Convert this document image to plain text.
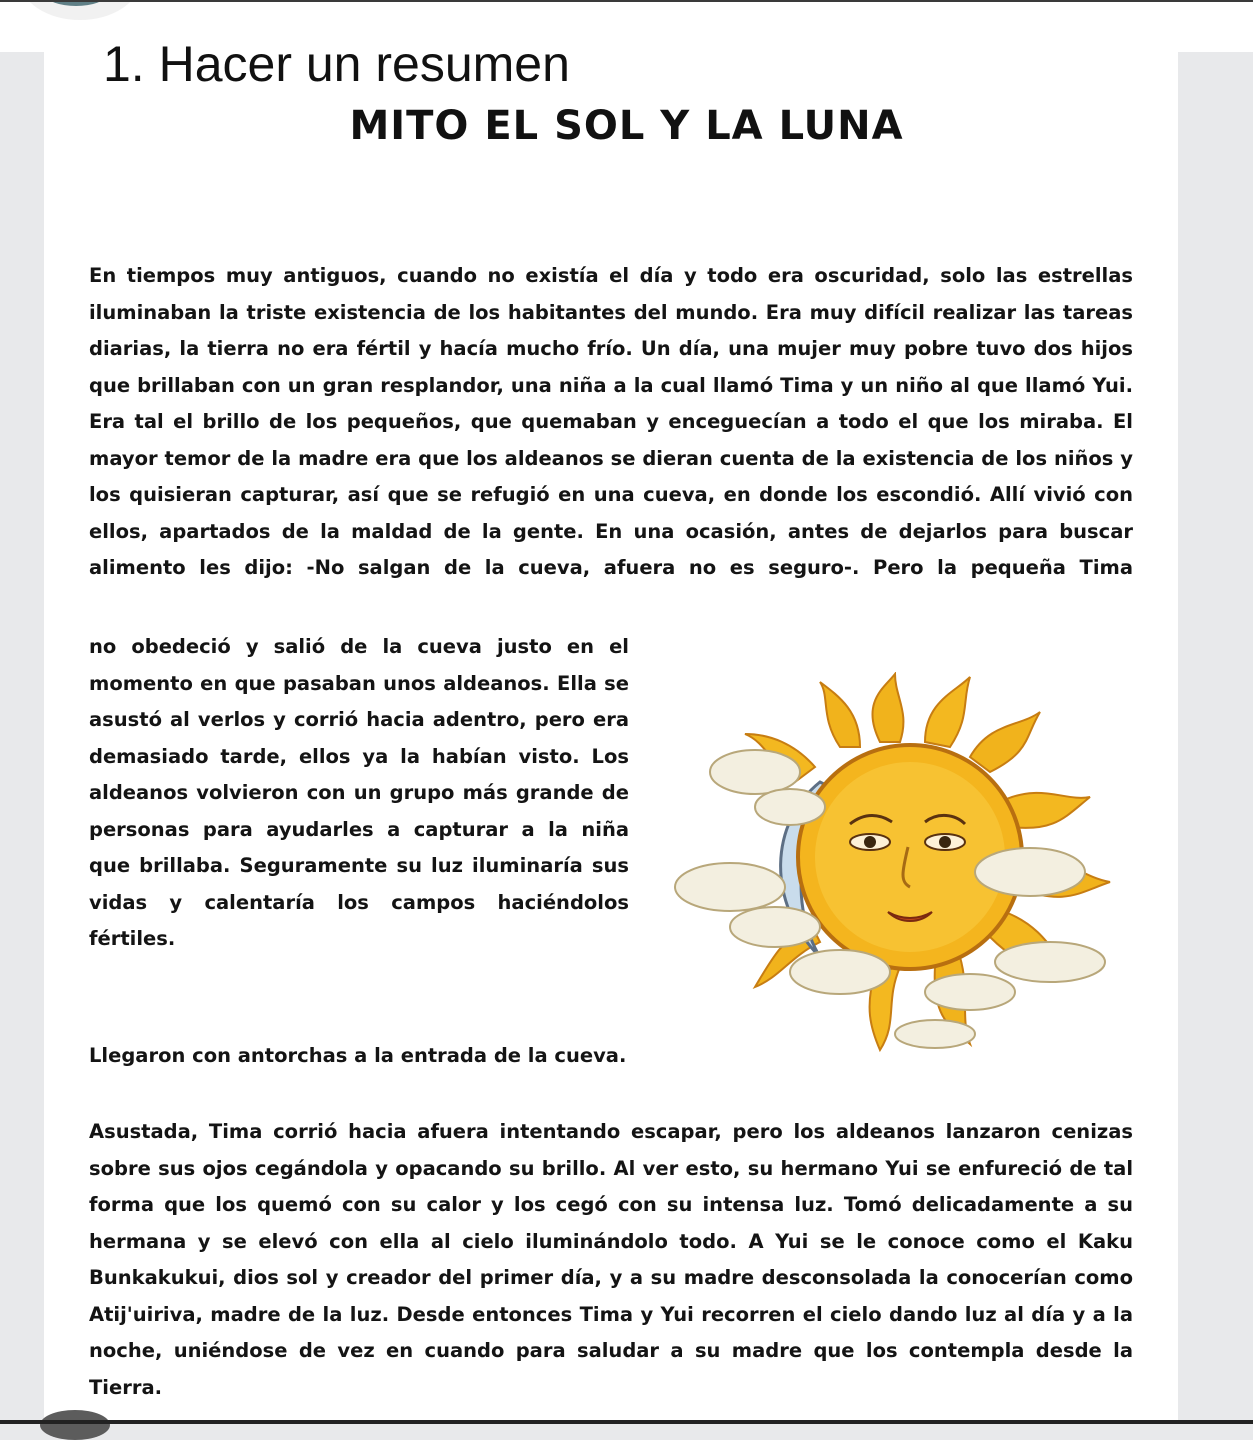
1. Hacer un resumen
MITO EL SOL Y LA LUNA

En tiempos muy antiguos, cuando no existía el día y todo era oscuridad, solo las estrellas iluminaban la triste existencia de los habitantes del mundo. Era muy difícil realizar las tareas diarias, la tierra no era fértil y hacía mucho frío. Un día, una mujer muy pobre tuvo dos hijos que brillaban con un gran resplandor, una niña a la cual llamó Tima y un niño al que llamó Yui. Era tal el brillo de los pequeños, que quemaban y enceguecían a todo el que los miraba. El mayor temor de la madre era que los aldeanos se dieran cuenta de la existencia de los niños y los quisieran capturar, así que se refugió en una cueva, en donde los escondió. Allí vivió con ellos, apartados de la maldad de la gente. En una ocasión, antes de dejarlos para buscar alimento les dijo: -No salgan de la cueva, afuera no es seguro-. Pero la pequeña Tima

no obedeció y salió de la cueva justo en el momento en que pasaban unos aldeanos. Ella se asustó al verlos y corrió hacia adentro, pero era demasiado tarde, ellos ya la habían visto. Los aldeanos volvieron con un grupo más grande de personas para ayudarles a capturar a la niña que brillaba. Seguramente su luz iluminaría sus vidas y calentaría los campos haciéndolos fértiles.

Llegaron con antorchas a la entrada de la cueva.

Asustada, Tima corrió hacia afuera intentando escapar, pero los aldeanos lanzaron cenizas sobre sus ojos cegándola y opacando su brillo. Al ver esto, su hermano Yui se enfureció de tal forma que los quemó con su calor y los cegó con su intensa luz. Tomó delicadamente a su hermana y se elevó con ella al cielo iluminándolo todo. A Yui se le conoce como el Kaku Bunkakukui, dios sol y creador del primer día, y a su madre desconsolada la conocerían como Atij'uiriva, madre de la luz. Desde entonces Tima y Yui recorren el cielo dando luz al día y a la noche, uniéndose de vez en cuando para saludar a su madre que los contempla desde la Tierra.
